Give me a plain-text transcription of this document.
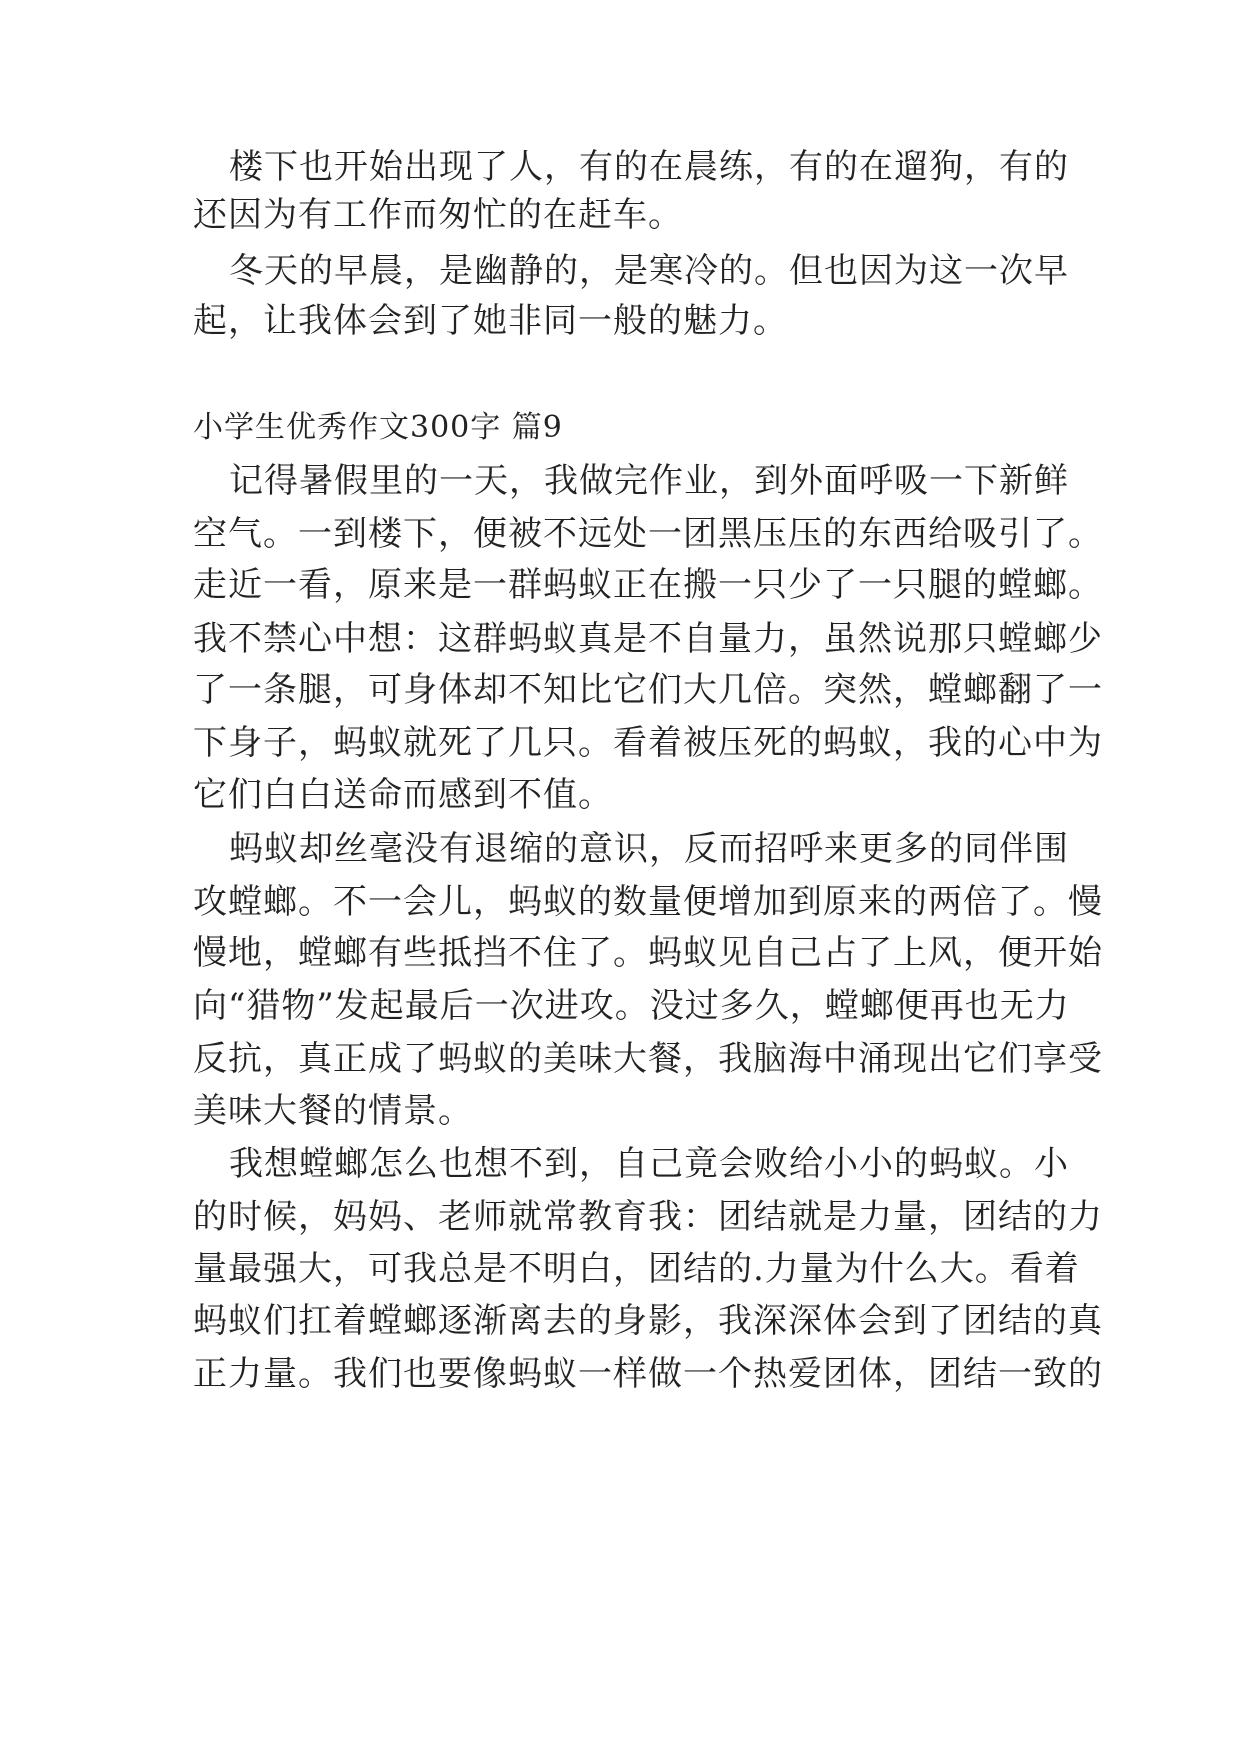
楼下也开始出现了人，有的在晨练，有的在遛狗，有的
还因为有工作而匆忙的在赶车。
冬天的早晨，是幽静的，是寒冷的。但也因为这一次早
起，让我体会到了她非同一般的魅力。
小学生优秀作文300字 篇9
记得暑假里的一天，我做完作业，到外面呼吸一下新鲜
空气。一到楼下，便被不远处一团黑压压的东西给吸引了。
走近一看，原来是一群蚂蚁正在搬一只少了一只腿的螳螂。
我不禁心中想：这群蚂蚁真是不自量力，虽然说那只螳螂少
了一条腿，可身体却不知比它们大几倍。突然，螳螂翻了一
下身子，蚂蚁就死了几只。看着被压死的蚂蚁，我的心中为
它们白白送命而感到不值。
蚂蚁却丝毫没有退缩的意识，反而招呼来更多的同伴围
攻螳螂。不一会儿，蚂蚁的数量便增加到原来的两倍了。慢
慢地，螳螂有些抵挡不住了。蚂蚁见自己占了上风，便开始
向“猎物”发起最后一次进攻。没过多久，螳螂便再也无力
反抗，真正成了蚂蚁的美味大餐，我脑海中涌现出它们享受
美味大餐的情景。
我想螳螂怎么也想不到，自己竟会败给小小的蚂蚁。小
的时候，妈妈、老师就常教育我：团结就是力量，团结的力
量最强大，可我总是不明白，团结的.力量为什么大。看着
蚂蚁们扛着螳螂逐渐离去的身影，我深深体会到了团结的真
正力量。我们也要像蚂蚁一样做一个热爱团体，团结一致的
